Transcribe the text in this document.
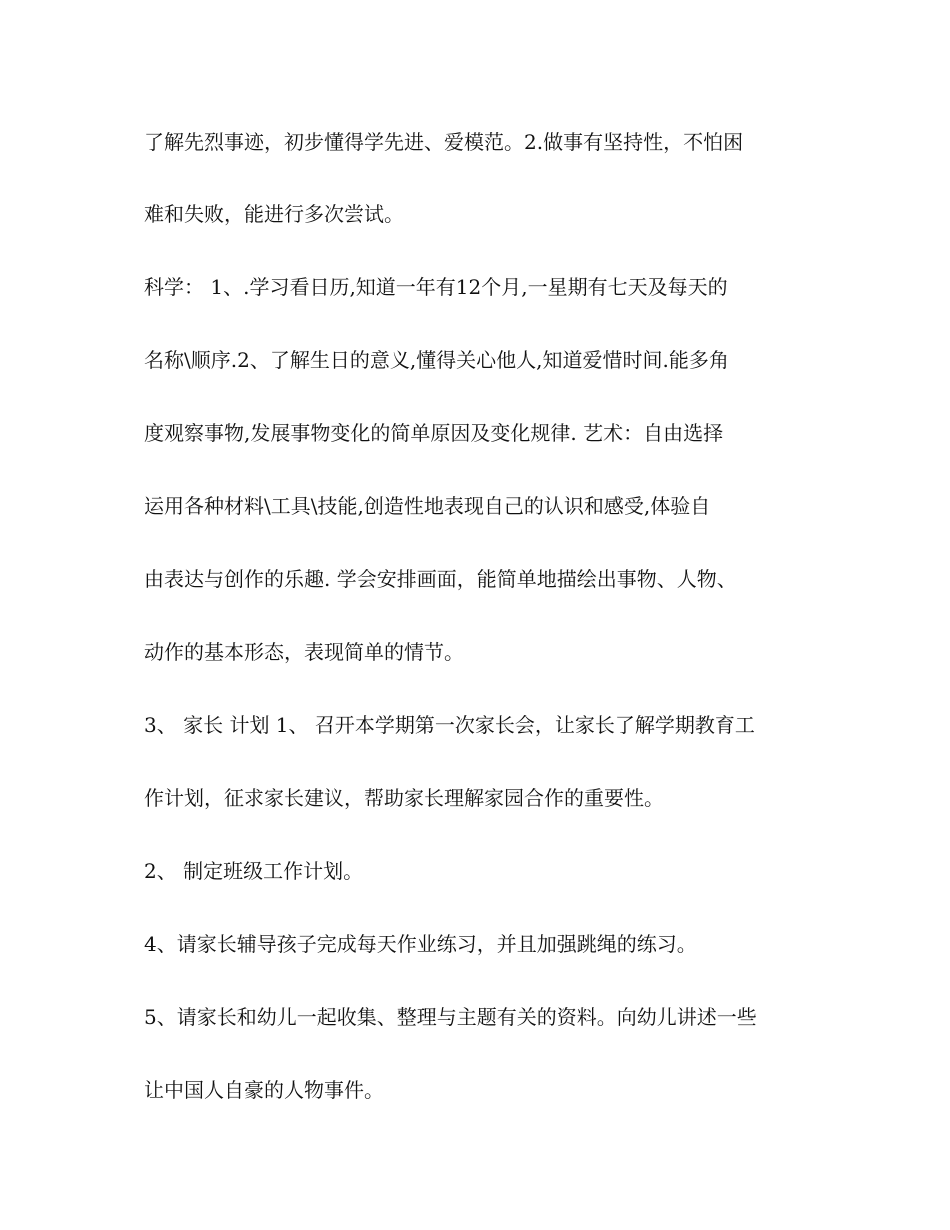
了解先烈事迹，初步懂得学先进、爱模范。2.做事有坚持性，不怕困
难和失败，能进行多次尝试。
科学： 1、.学习看日历,知道一年有12个月,一星期有七天及每天的
名称\顺序.2、了解生日的意义,懂得关心他人,知道爱惜时间.能多角
度观察事物,发展事物变化的简单原因及变化规律. 艺术：自由选择
运用各种材料\工具\技能,创造性地表现自己的认识和感受,体验自
由表达与创作的乐趣. 学会安排画面，能简单地描绘出事物、人物、
动作的基本形态，表现简单的情节。
3、 家长 计划 1、 召开本学期第一次家长会，让家长了解学期教育工
作计划，征求家长建议，帮助家长理解家园合作的重要性。
2、 制定班级工作计划。
4、请家长辅导孩子完成每天作业练习，并且加强跳绳的练习。
5、请家长和幼儿一起收集、整理与主题有关的资料。向幼儿讲述一些
让中国人自豪的人物事件。
